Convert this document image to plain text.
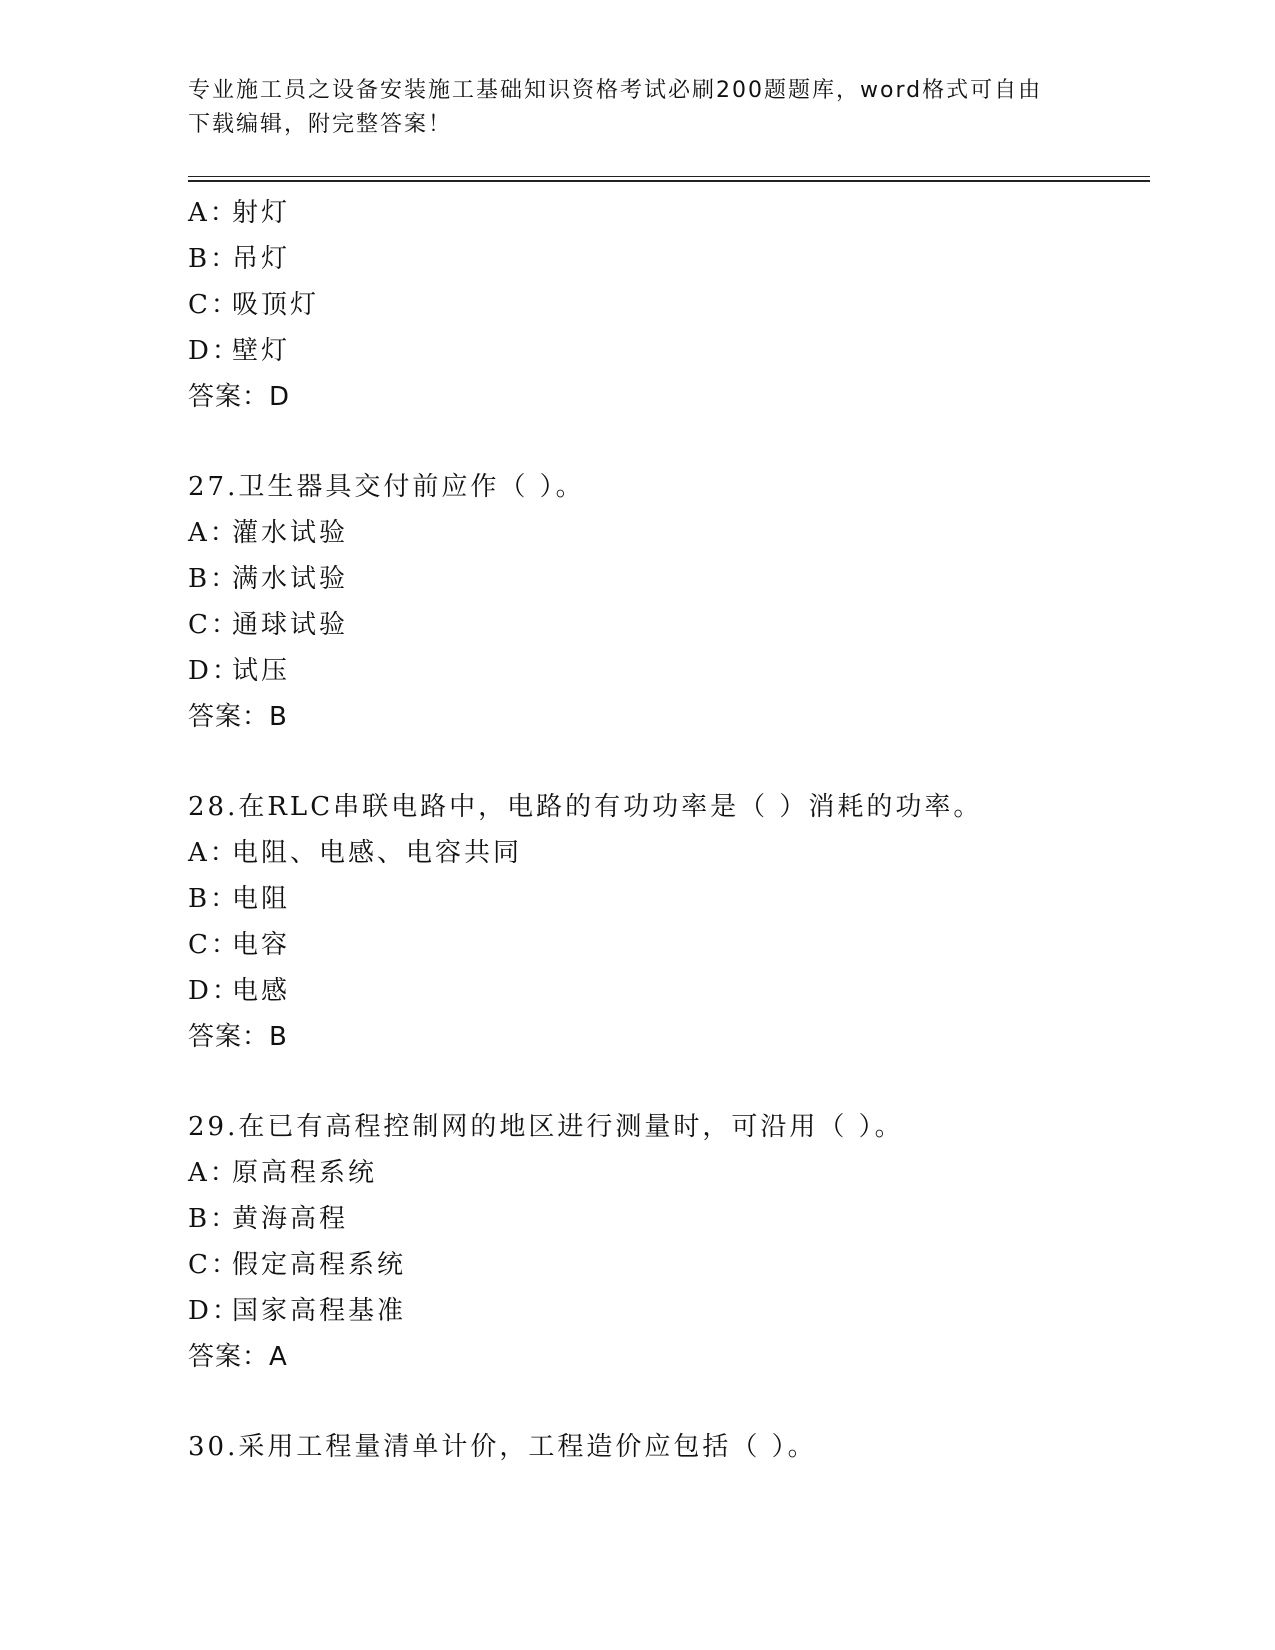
专业施工员之设备安装施工基础知识资格考试必刷200题题库，word格式可自由
下载编辑，附完整答案！
A：射灯
B：吊灯
C：吸顶灯
D：壁灯
答案：D
27.卫生器具交付前应作（ ）。
A：灌水试验
B：满水试验
C：通球试验
D：试压
答案：B
28.在RLC串联电路中，电路的有功功率是（ ）消耗的功率。
A：电阻、电感、电容共同
B：电阻
C：电容
D：电感
答案：B
29.在已有高程控制网的地区进行测量时，可沿用（ ）。
A：原高程系统
B：黄海高程
C：假定高程系统
D：国家高程基准
答案：A
30.采用工程量清单计价，工程造价应包括（ ）。
